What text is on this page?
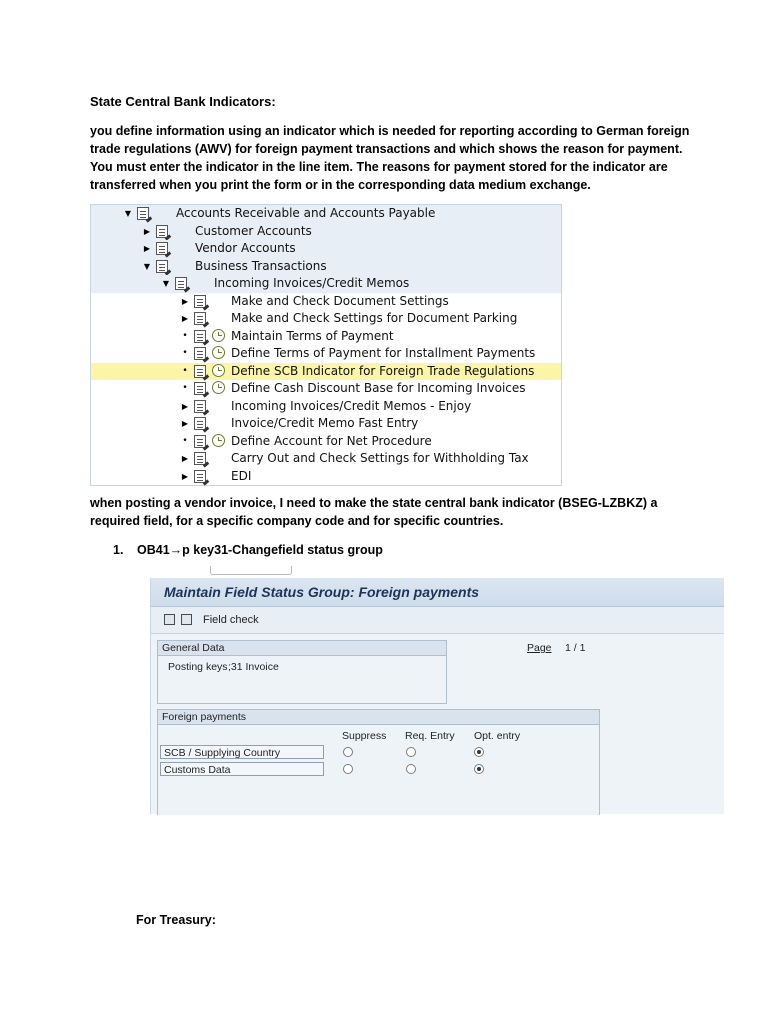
State Central Bank Indicators:
you define information using an indicator which is needed for reporting according to German foreign trade regulations (AWV) for foreign payment transactions and which shows the reason for payment. You must enter the indicator in the line item. The reasons for payment stored for the indicator are transferred when you print the form or in the corresponding data medium exchange.
▼	Accounts Receivable and Accounts Payable
▶	Customer Accounts
▶	Vendor Accounts
▼	Business Transactions
▼	Incoming Invoices/Credit Memos
▶	Make and Check Document Settings
▶	Make and Check Settings for Document Parking
•	Maintain Terms of Payment
•	Define Terms of Payment for Installment Payments
•	Define SCB Indicator for Foreign Trade Regulations
•	Define Cash Discount Base for Incoming Invoices
▶	Incoming Invoices/Credit Memos - Enjoy
▶	Invoice/Credit Memo Fast Entry
•	Define Account for Net Procedure
▶	Carry Out and Check Settings for Withholding Tax
▶	EDI
when posting a vendor invoice, I need to make the state central bank indicator (BSEG-LZBKZ) a required field, for a specific company code and for specific countries.
1. OB41→p key31-Changefield status group
Maintain Field Status Group: Foreign payments
Field check
General Data
Posting keys ;31 Invoice
Page 1 / 1
Foreign payments
Suppress Req. Entry Opt. entry
SCB / Supplying Country
Customs Data
For Treasury:
